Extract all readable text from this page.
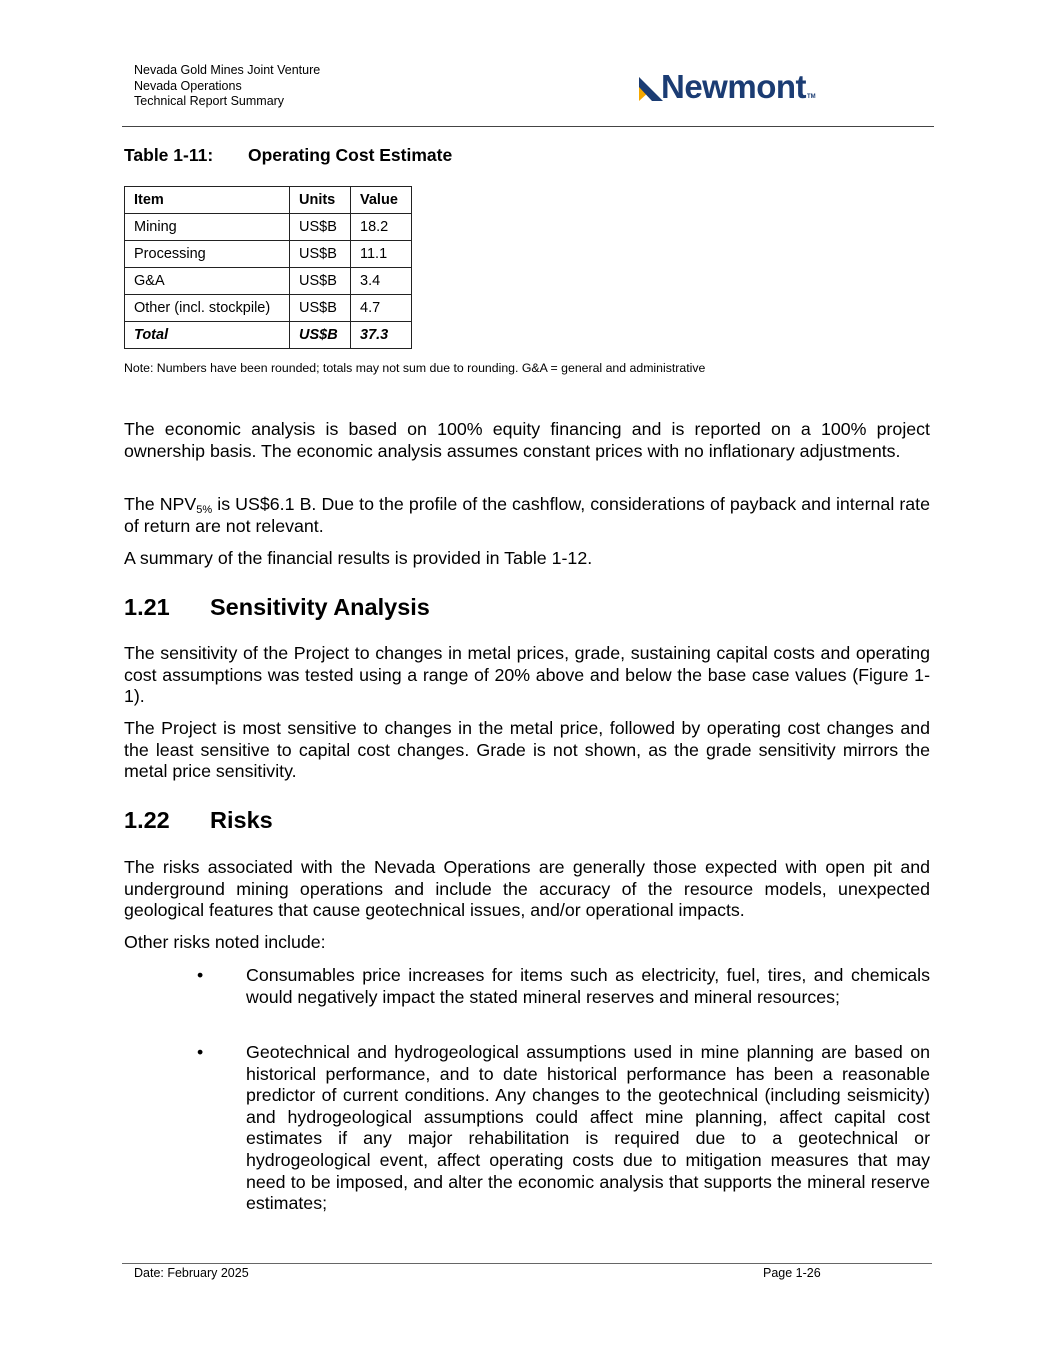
Nevada Gold Mines Joint Venture
Nevada Operations
Technical Report Summary	Newmont TM
Table 1-11: Operating Cost Estimate
Item	Units	Value
Mining	US$B	18.2
Processing	US$B	11.1
G&A	US$B	3.4
Other (incl. stockpile)	US$B	4.7
Total	US$B	37.3
Note: Numbers have been rounded; totals may not sum due to rounding. G&A = general and administrative

The economic analysis is based on 100% equity financing and is reported on a 100% project ownership basis. The economic analysis assumes constant prices with no inflationary adjustments.

The $NPV_{5\%}$ is US$6.1 B. Due to the profile of the cashflow, considerations of payback and internal rate of return are not relevant.

A summary of the financial results is provided in Table 1-12.

1.21 Sensitivity Analysis

The sensitivity of the Project to changes in metal prices, grade, sustaining capital costs and operating cost assumptions was tested using a range of 20% above and below the base case values (Figure 1-1).

The Project is most sensitive to changes in the metal price, followed by operating cost changes and the least sensitive to capital cost changes. Grade is not shown, as the grade sensitivity mirrors the metal price sensitivity.

1.22 Risks

The risks associated with the Nevada Operations are generally those expected with open pit and underground mining operations and include the accuracy of the resource models, unexpected geological features that cause geotechnical issues, and/or operational impacts.

Other risks noted include:

• Consumables price increases for items such as electricity, fuel, tires, and chemicals would negatively impact the stated mineral reserves and mineral resources;

• Geotechnical and hydrogeological assumptions used in mine planning are based on historical performance, and to date historical performance has been a reasonable predictor of current conditions. Any changes to the geotechnical (including seismicity) and hydrogeological assumptions could affect mine planning, affect capital cost estimates if any major rehabilitation is required due to a geotechnical or hydrogeological event, affect operating costs due to mitigation measures that may need to be imposed, and alter the economic analysis that supports the mineral reserve estimates;

Date: February 2025	Page 1-26
